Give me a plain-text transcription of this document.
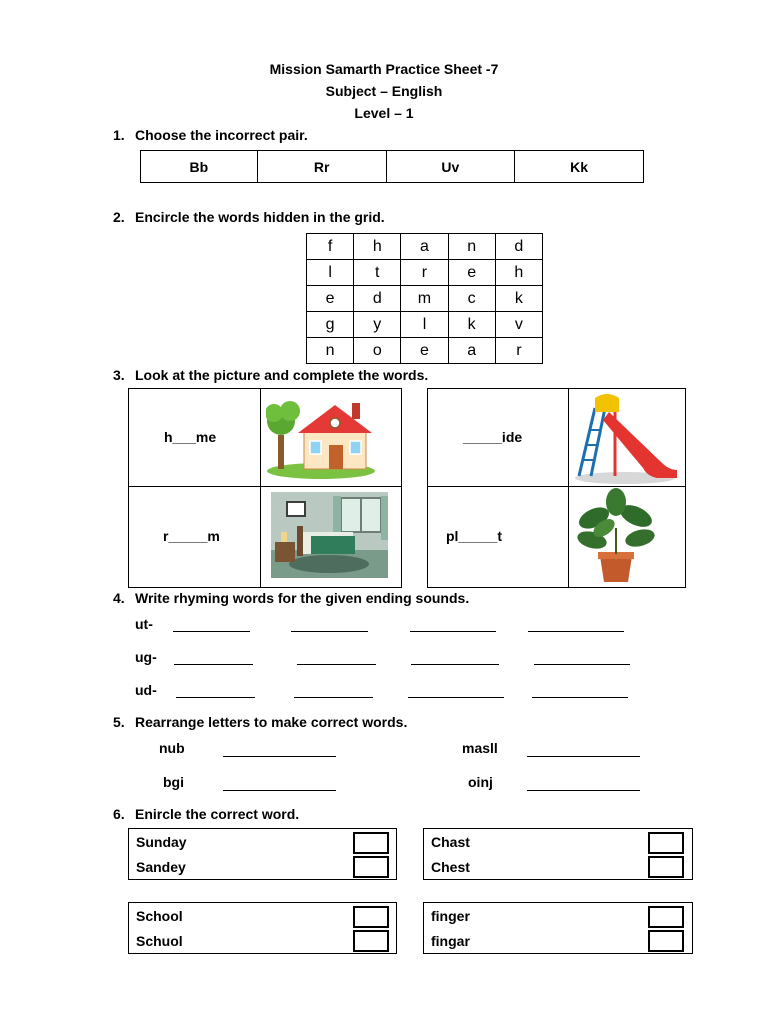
Mission Samarth Practice Sheet -7
Subject – English
Level – 1
1. Choose the incorrect pair.
Bb	Rr	Uv	Kk
2. Encircle the words hidden in the grid.
f	h	a	n	d
l	t	r	e	h
e	d	m	c	k
g	y	l	k	v
n	o	e	a	r
3. Look at the picture and complete the words.
h___me
r_____m
_____ide
pl_____t
4. Write rhyming words for the given ending sounds.
ut-
ug-
ud-
5. Rearrange letters to make correct words.
nub	masll
bgi	oinj
6. Enircle the correct word.
Sunday
Sandey
Chast
Chest
School
Schuol
finger
fingar
